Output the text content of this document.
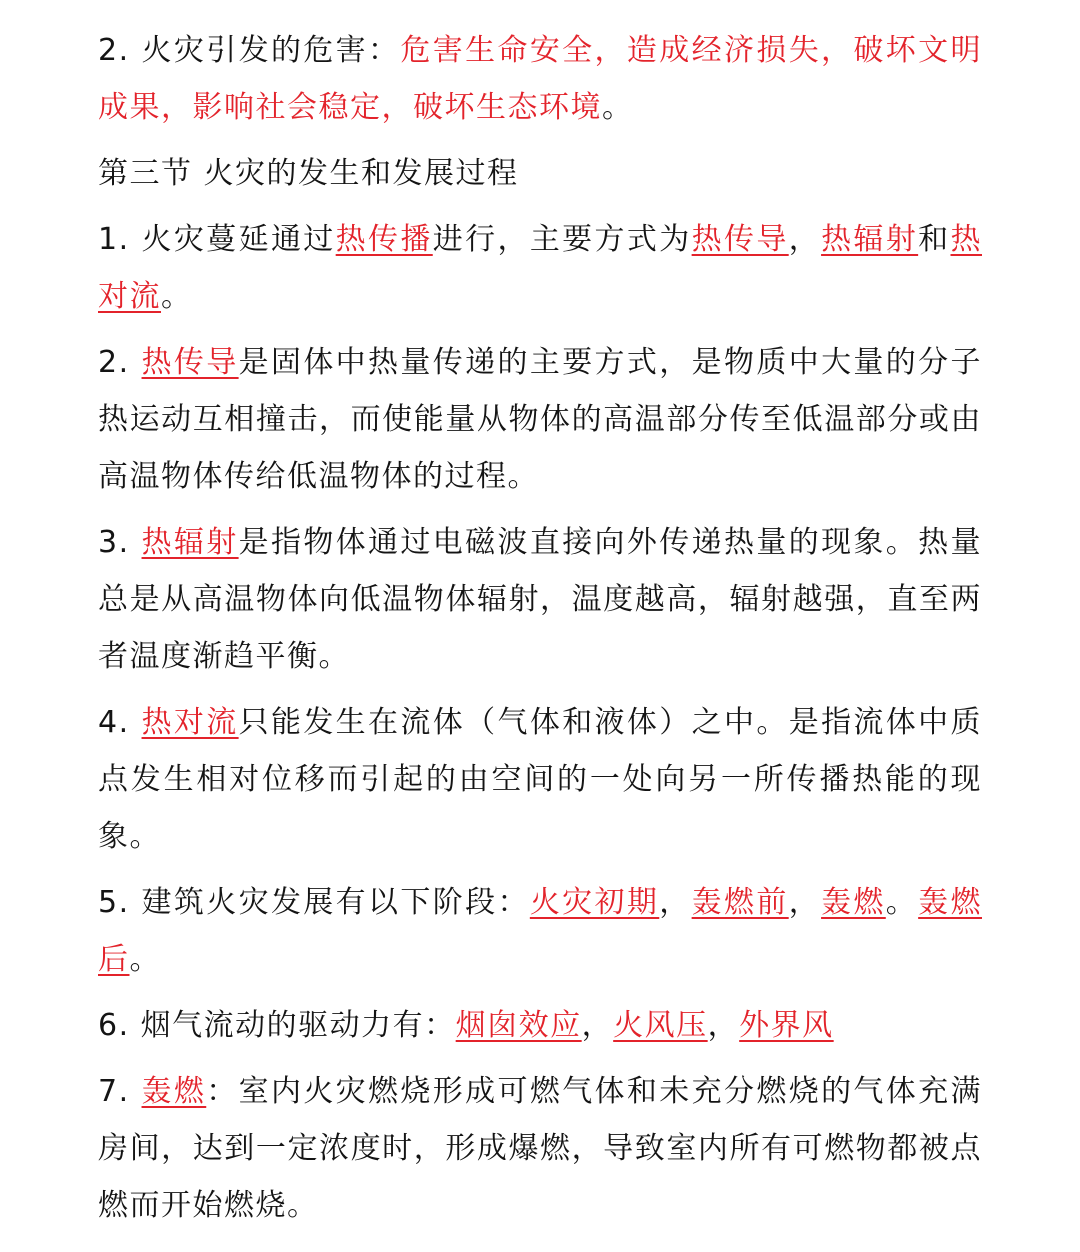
2. 火灾引发的危害：危害生命安全，造成经济损失，破坏文明成果，影响社会稳定，破坏生态环境。

第三节 火灾的发生和发展过程

1. 火灾蔓延通过热传播进行，主要方式为热传导，热辐射和热对流。

2. 热传导是固体中热量传递的主要方式，是物质中大量的分子热运动互相撞击，而使能量从物体的高温部分传至低温部分或由高温物体传给低温物体的过程。

3. 热辐射是指物体通过电磁波直接向外传递热量的现象。热量总是从高温物体向低温物体辐射，温度越高，辐射越强，直至两者温度渐趋平衡。

4. 热对流只能发生在流体（气体和液体）之中。是指流体中质点发生相对位移而引起的由空间的一处向另一所传播热能的现象。

5. 建筑火灾发展有以下阶段：火灾初期，轰燃前，轰燃。轰燃后。

6. 烟气流动的驱动力有：烟囱效应，火风压，外界风

7. 轰燃：室内火灾燃烧形成可燃气体和未充分燃烧的气体充满房间，达到一定浓度时，形成爆燃，导致室内所有可燃物都被点燃而开始燃烧。
